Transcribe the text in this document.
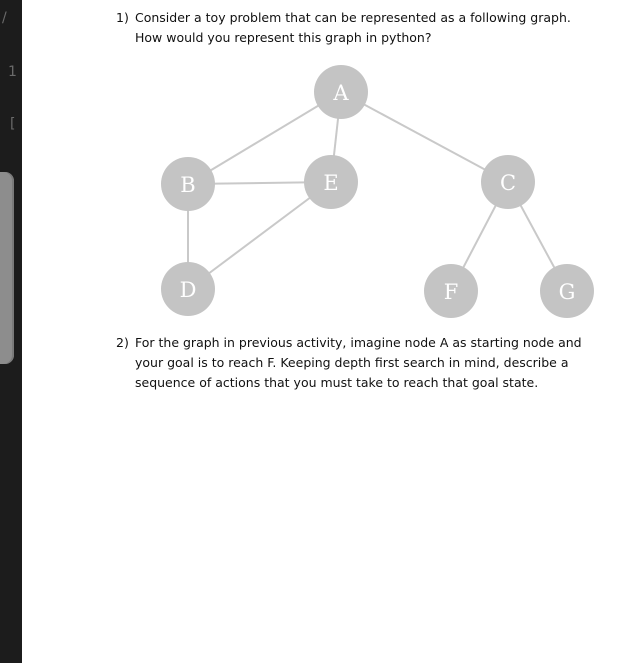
/
1
[
1) Consider a toy problem that can be represented as a following graph.
How would you represent this graph in python?
A
B	E	C
D	F	G
2) For the graph in previous activity, imagine node A as starting node and
your goal is to reach F. Keeping depth first search in mind, describe a
sequence of actions that you must take to reach that goal state.
